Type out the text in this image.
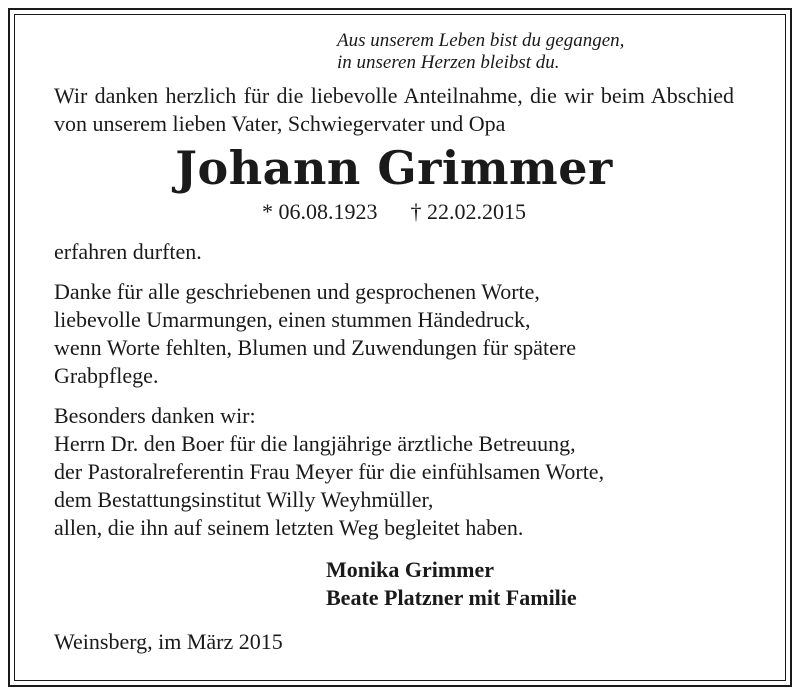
Aus unserem Leben bist du gegangen,
in unseren Herzen bleibst du.
Wir danken herzlich für die liebevolle Anteilnahme, die wir beim Abschied von unserem lieben Vater, Schwiegervater und Opa
Johann Grimmer
* 06.08.1923 † 22.02.2015
erfahren durften.
Danke für alle geschriebenen und gesprochenen Worte,
liebevolle Umarmungen, einen stummen Händedruck,
wenn Worte fehlten, Blumen und Zuwendungen für spätere
Grabpflege.
Besonders danken wir:
Herrn Dr. den Boer für die langjährige ärztliche Betreuung,
der Pastoralreferentin Frau Meyer für die einfühlsamen Worte,
dem Bestattungsinstitut Willy Weyhmüller,
allen, die ihn auf seinem letzten Weg begleitet haben.
Monika Grimmer
Beate Platzner mit Familie
Weinsberg, im März 2015
